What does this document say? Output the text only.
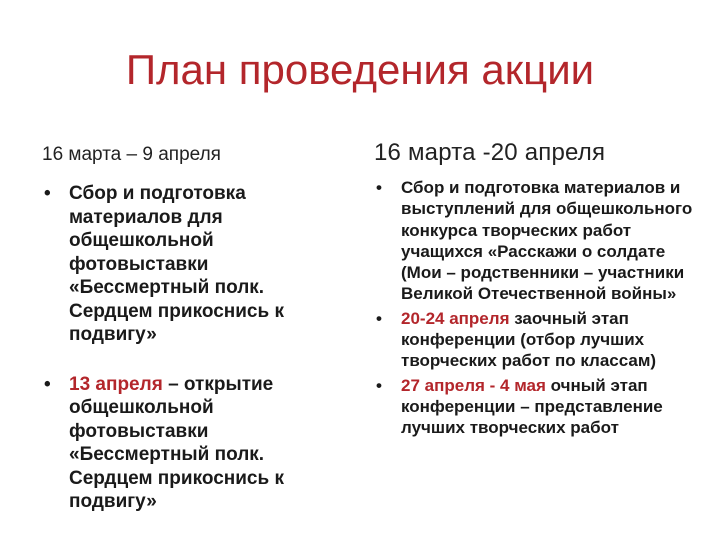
План проведения акции
16 марта – 9 апреля
• Сбор и подготовка материалов для общешкольной фотовыставки «Бессмертный полк. Сердцем прикоснись к подвигу»
• 13 апреля – открытие общешкольной фотовыставки «Бессмертный полк. Сердцем прикоснись к подвигу»
16 марта -20 апреля
• Сбор и подготовка материалов и выступлений для общешкольного конкурса творческих работ учащихся «Расскажи о солдате (Мои – родственники – участники Великой Отечественной войны»
• 20-24 апреля заочный этап конференции (отбор лучших творческих работ по классам)
• 27 апреля - 4 мая очный этап конференции – представление лучших творческих работ
